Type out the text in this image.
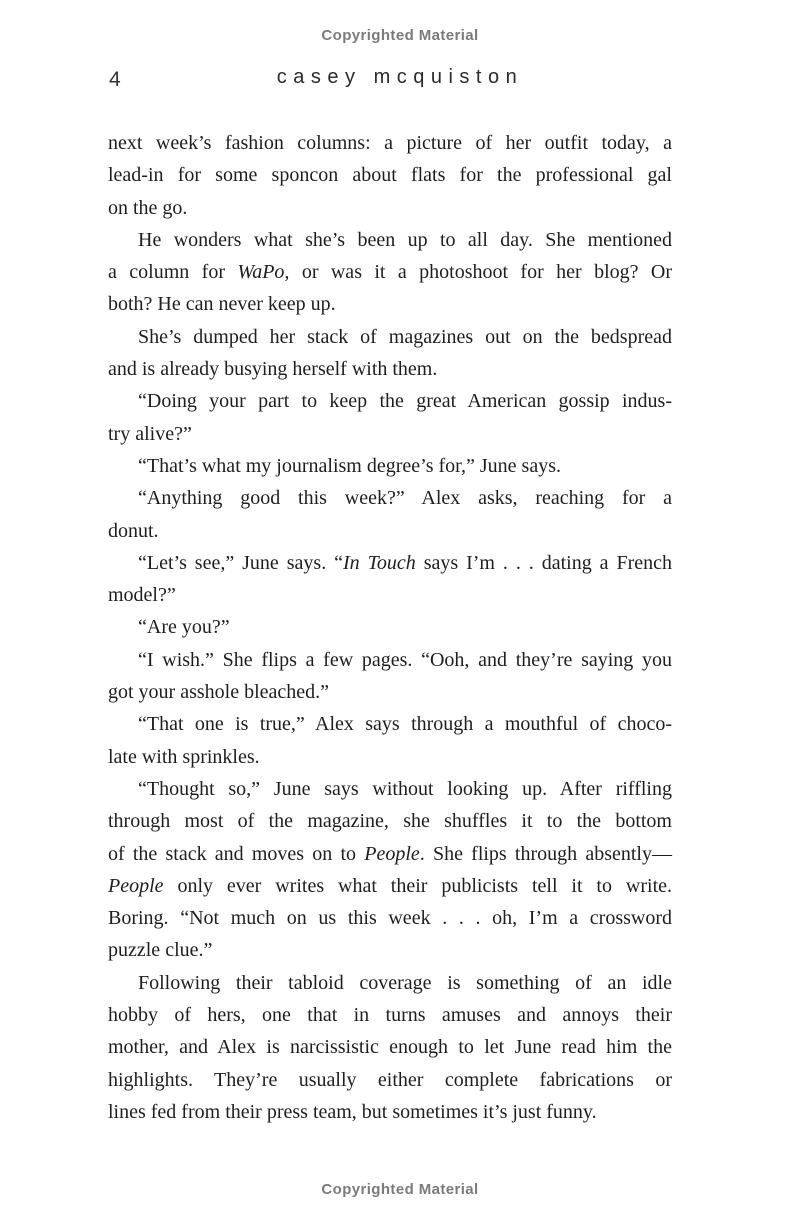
Copyrighted Material
4	casey mcquiston
next week’s fashion columns: a picture of her outfit today, a
lead-in for some sponcon about flats for the professional gal
on the go.
He wonders what she’s been up to all day. She mentioned
a column for WaPo, or was it a photoshoot for her blog? Or
both? He can never keep up.
She’s dumped her stack of magazines out on the bedspread
and is already busying herself with them.
“Doing your part to keep the great American gossip indus-
try alive?”
“That’s what my journalism degree’s for,” June says.
“Anything good this week?” Alex asks, reaching for a
donut.
“Let’s see,” June says. “In Touch says I’m . . . dating a French
model?”
“Are you?”
“I wish.” She flips a few pages. “Ooh, and they’re saying you
got your asshole bleached.”
“That one is true,” Alex says through a mouthful of choco-
late with sprinkles.
“Thought so,” June says without looking up. After riffling
through most of the magazine, she shuffles it to the bottom
of the stack and moves on to People. She flips through absently—
People only ever writes what their publicists tell it to write.
Boring. “Not much on us this week . . . oh, I’m a crossword
puzzle clue.”
Following their tabloid coverage is something of an idle
hobby of hers, one that in turns amuses and annoys their
mother, and Alex is narcissistic enough to let June read him the
highlights. They’re usually either complete fabrications or
lines fed from their press team, but sometimes it’s just funny.
Copyrighted Material
